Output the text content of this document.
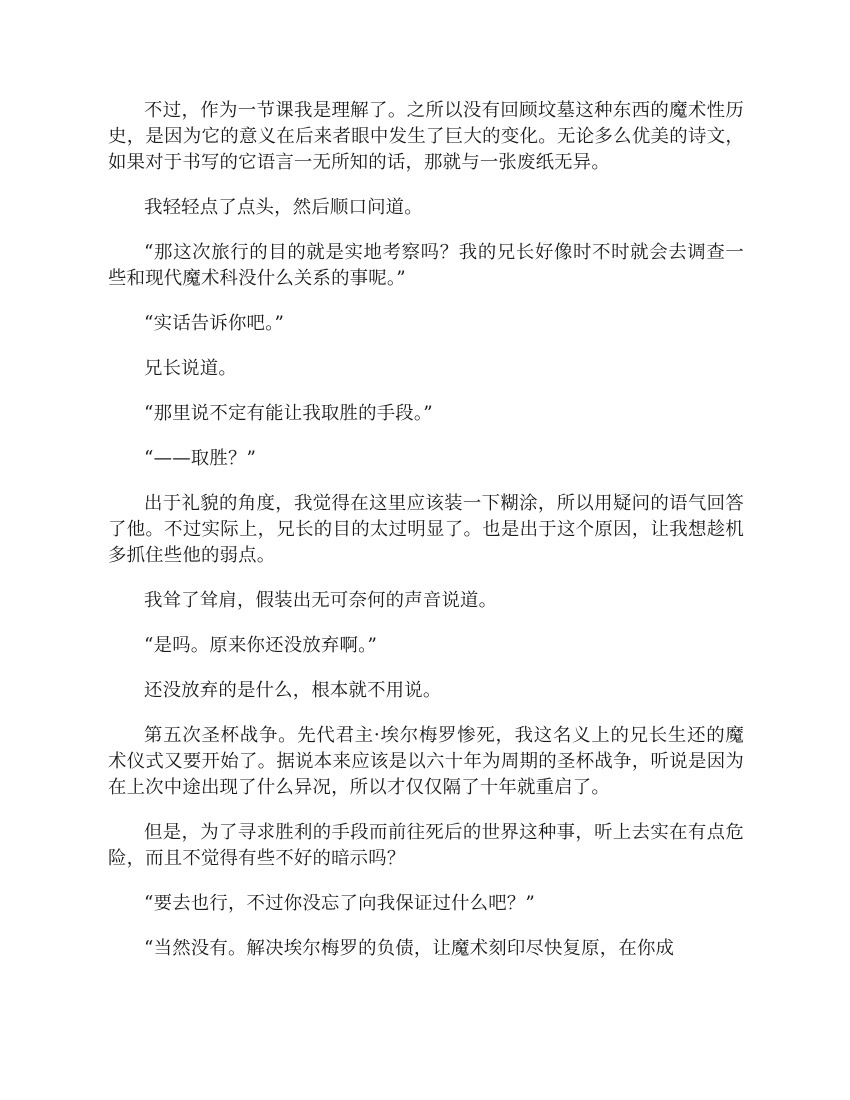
不过，作为一节课我是理解了。之所以没有回顾坟墓这种东西的魔术性历史，是因为它的意义在后来者眼中发生了巨大的变化。无论多么优美的诗文，如果对于书写的它语言一无所知的话，那就与一张废纸无异。

我轻轻点了点头，然后顺口问道。

“那这次旅行的目的就是实地考察吗？我的兄长好像时不时就会去调查一些和现代魔术科没什么关系的事呢。”

“实话告诉你吧。”

兄长说道。

“那里说不定有能让我取胜的手段。”

“——取胜？”

出于礼貌的角度，我觉得在这里应该装一下糊涂，所以用疑问的语气回答了他。不过实际上，兄长的目的太过明显了。也是出于这个原因，让我想趁机多抓住些他的弱点。

我耸了耸肩，假装出无可奈何的声音说道。

“是吗。原来你还没放弃啊。”

还没放弃的是什么，根本就不用说。

第五次圣杯战争。先代君主·埃尔梅罗惨死，我这名义上的兄长生还的魔术仪式又要开始了。据说本来应该是以六十年为周期的圣杯战争，听说是因为在上次中途出现了什么异况，所以才仅仅隔了十年就重启了。

但是，为了寻求胜利的手段而前往死后的世界这种事，听上去实在有点危险，而且不觉得有些不好的暗示吗？

“要去也行，不过你没忘了向我保证过什么吧？”

“当然没有。解决埃尔梅罗的负债，让魔术刻印尽快复原，在你成
